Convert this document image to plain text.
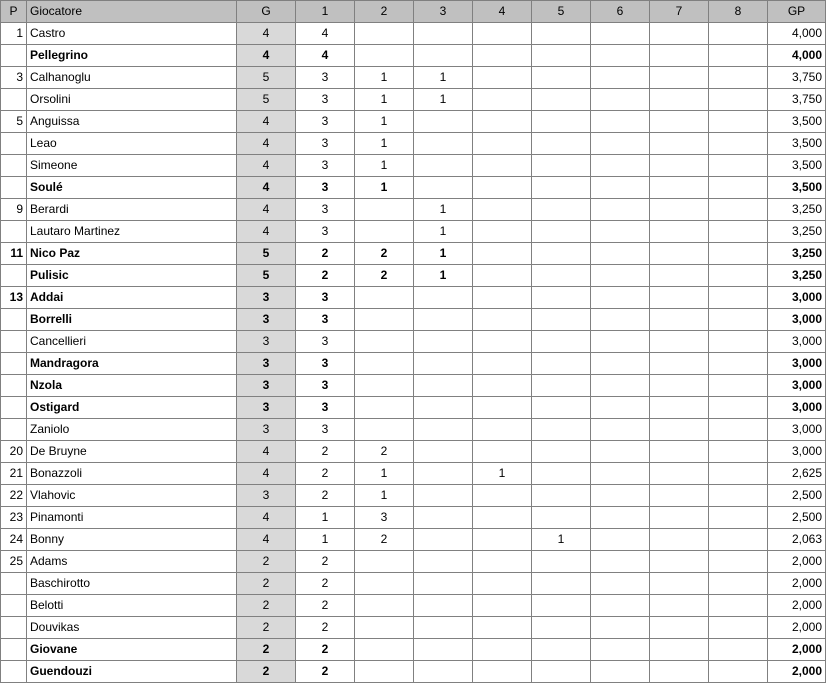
P	Giocatore	G	1	2	3	4	5	6	7	8	GP
1	Castro	4	4								4,000
	Pellegrino	4	4								4,000
3	Calhanoglu	5	3	1	1						3,750
	Orsolini	5	3	1	1						3,750
5	Anguissa	4	3	1							3,500
	Leao	4	3	1							3,500
	Simeone	4	3	1							3,500
	Soulé	4	3	1							3,500
9	Berardi	4	3		1						3,250
	Lautaro Martinez	4	3		1						3,250
11	Nico Paz	5	2	2	1						3,250
	Pulisic	5	2	2	1						3,250
13	Addai	3	3								3,000
	Borrelli	3	3								3,000
	Cancellieri	3	3								3,000
	Mandragora	3	3								3,000
	Nzola	3	3								3,000
	Ostigard	3	3								3,000
	Zaniolo	3	3								3,000
20	De Bruyne	4	2	2							3,000
21	Bonazzoli	4	2	1		1					2,625
22	Vlahovic	3	2	1							2,500
23	Pinamonti	4	1	3							2,500
24	Bonny	4	1	2			1				2,063
25	Adams	2	2								2,000
	Baschirotto	2	2								2,000
	Belotti	2	2								2,000
	Douvikas	2	2								2,000
	Giovane	2	2								2,000
	Guendouzi	2	2								2,000
